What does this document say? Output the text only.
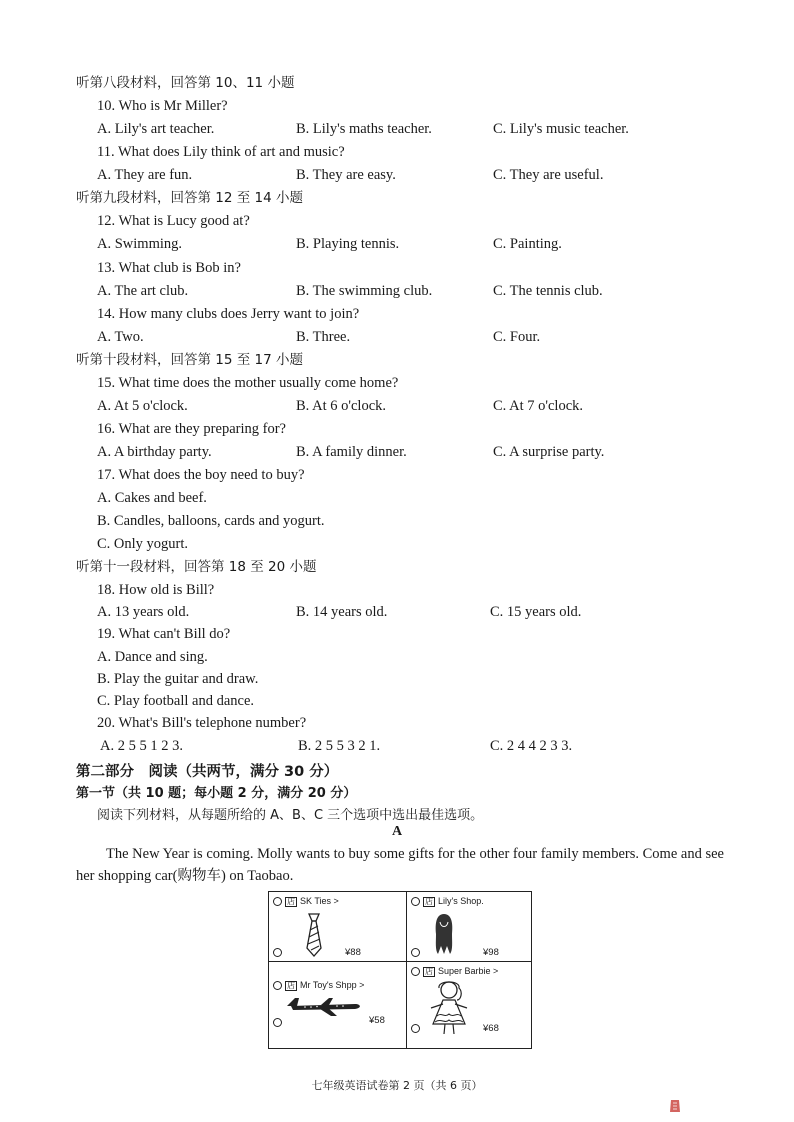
听第八段材料，回答第 10、11 小题
10. Who is Mr Miller?
A. Lily's art teacher.	B. Lily's maths teacher.	C. Lily's music teacher.
11. What does Lily think of art and music?
A. They are fun.	B. They are easy.	C. They are useful.
听第九段材料，回答第 12 至 14 小题
12. What is Lucy good at?
A. Swimming.	B. Playing tennis.	C. Painting.
13. What club is Bob in?
A. The art club.	B. The swimming club.	C. The tennis club.
14. How many clubs does Jerry want to join?
A. Two.	B. Three.	C. Four.
听第十段材料，回答第 15 至 17 小题
15. What time does the mother usually come home?
A. At 5 o'clock.	B. At 6 o'clock.	C. At 7 o'clock.
16. What are they preparing for?
A. A birthday party.	B. A family dinner.	C. A surprise party.
17. What does the boy need to buy?
A. Cakes and beef.
B. Candles, balloons, cards and yogurt.
C. Only yogurt.
听第十一段材料，回答第 18 至 20 小题
18. How old is Bill?
A. 13 years old.	B. 14 years old.	C. 15 years old.
19. What can't Bill do?
A. Dance and sing.
B. Play the guitar and draw.
C. Play football and dance.
20. What's Bill's telephone number?
A. 2 5 5 1 2 3.	B. 2 5 5 3 2 1.	C. 2 4 4 2 3 3.
第二部分　阅读（共两节，满分 30 分）
第一节（共 10 题；每小题 2 分，满分 20 分）
阅读下列材料，从每题所给的 A、B、C 三个选项中选出最佳选项。
A
The New Year is coming. Molly wants to buy some gifts for the other four family members. Come and see her shopping car(购物车) on Taobao.
店 SK Ties >
¥88
店 Lily's Shop.
¥98
店 Mr Toy's Shpp >
¥58
店 Super Barbie >
¥68
七年级英语试卷第 2 页（共 6 页）
